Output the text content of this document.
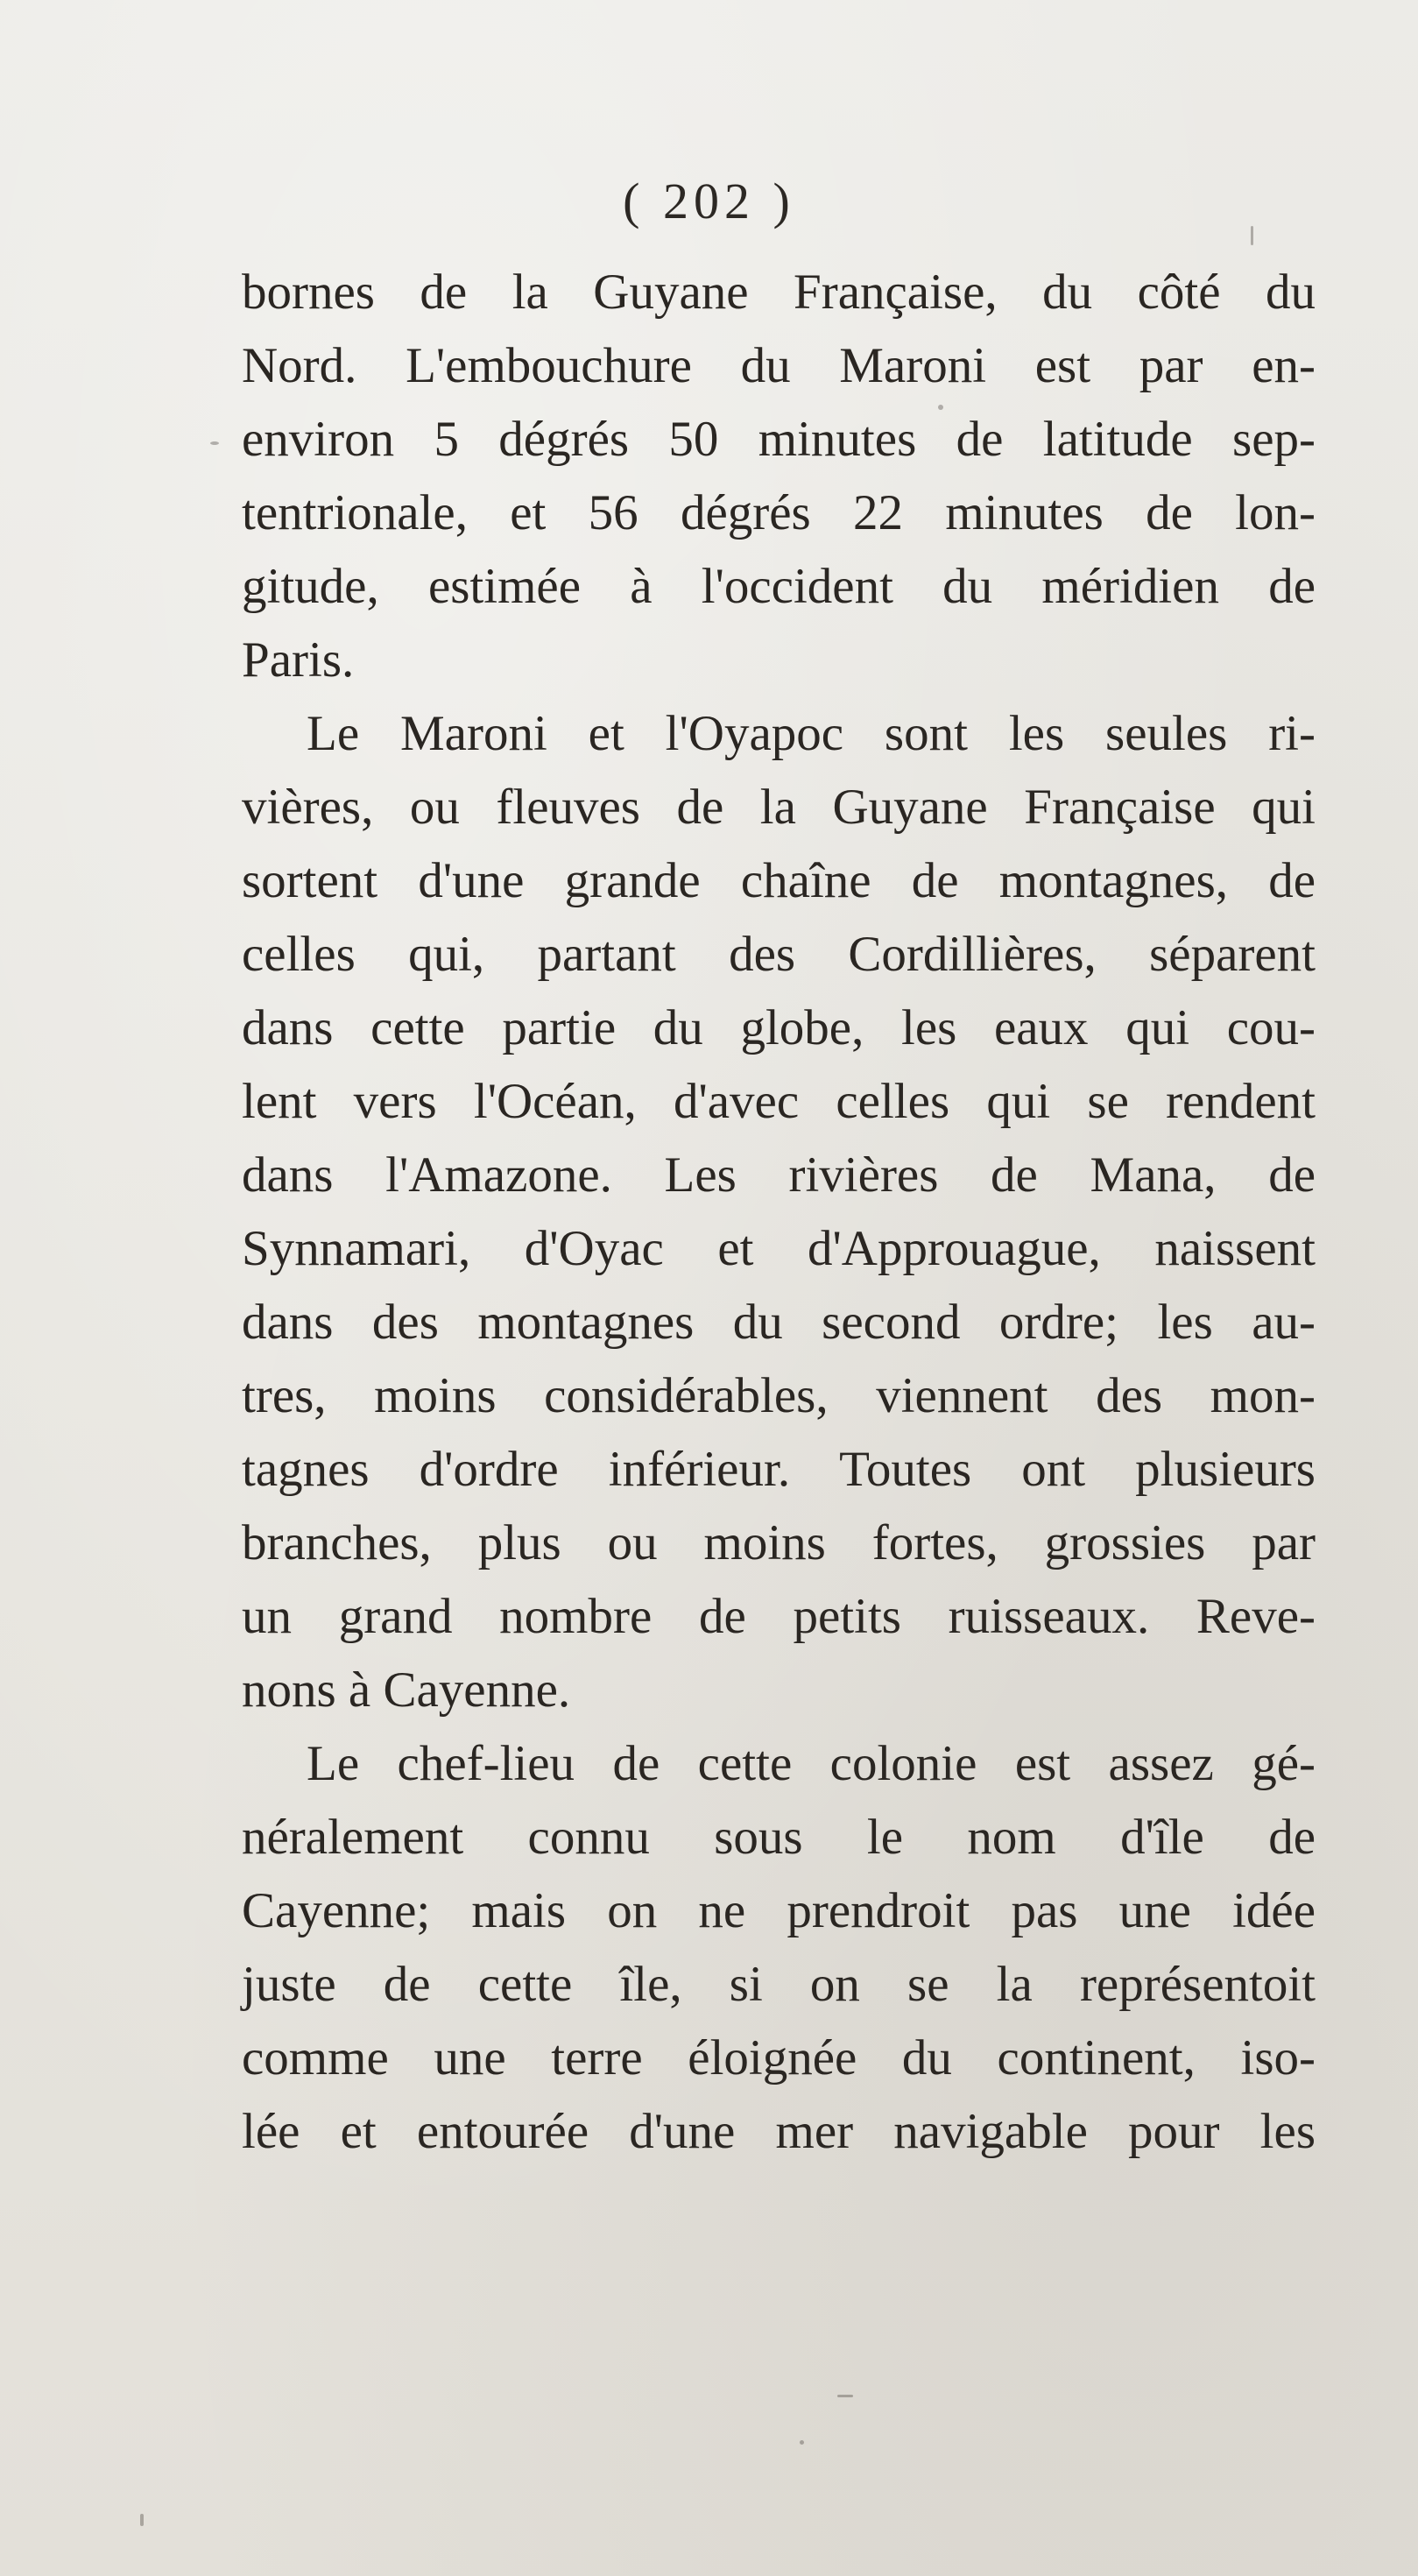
( 202 )
bornes de la Guyane Française, du côté du
Nord. L'embouchure du Maroni est par en-
environ 5 dégrés 50 minutes de latitude sep-
tentrionale, et 56 dégrés 22 minutes de lon-
gitude, estimée à l'occident du méridien de
Paris.
Le Maroni et l'Oyapoc sont les seules ri-
vières, ou fleuves de la Guyane Française qui
sortent d'une grande chaîne de montagnes, de
celles qui, partant des Cordillières, séparent
dans cette partie du globe, les eaux qui cou-
lent vers l'Océan, d'avec celles qui se rendent
dans l'Amazone. Les rivières de Mana, de
Synnamari, d'Oyac et d'Approuague, naissent
dans des montagnes du second ordre; les au-
tres, moins considérables, viennent des mon-
tagnes d'ordre inférieur. Toutes ont plusieurs
branches, plus ou moins fortes, grossies par
un grand nombre de petits ruisseaux. Reve-
nons à Cayenne.
Le chef-lieu de cette colonie est assez gé-
néralement connu sous le nom d'île de
Cayenne; mais on ne prendroit pas une idée
juste de cette île, si on se la représentoit
comme une terre éloignée du continent, iso-
lée et entourée d'une mer navigable pour les
